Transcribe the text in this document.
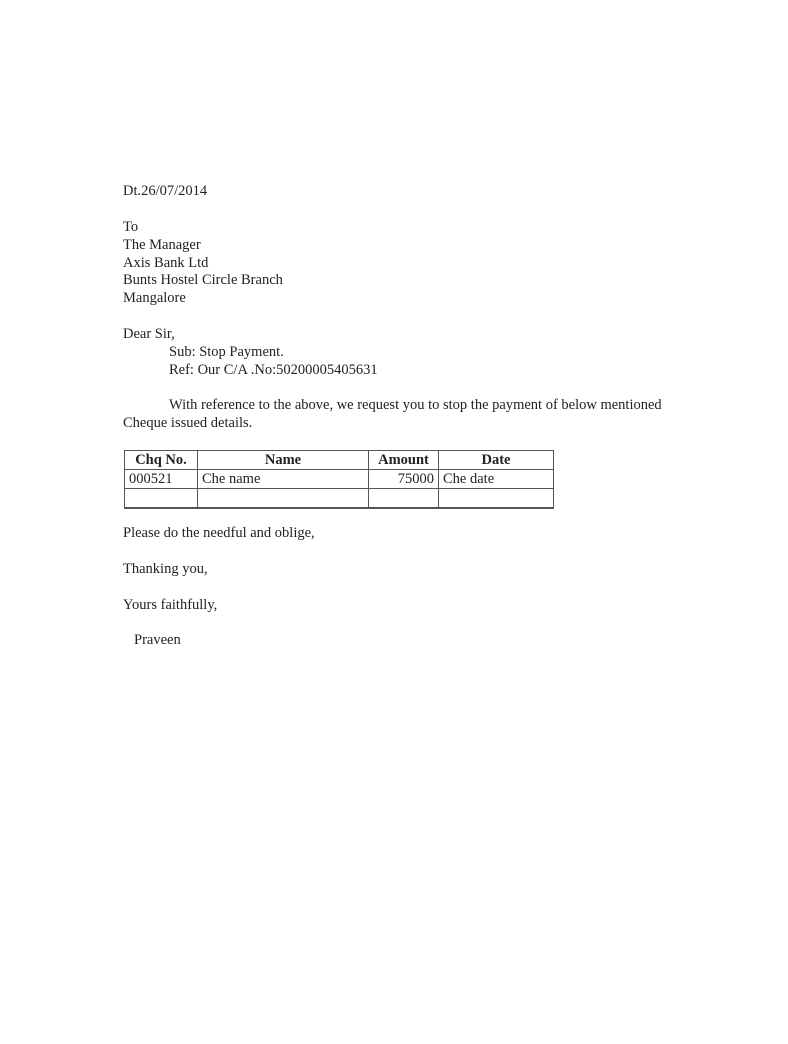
Dt.26/07/2014
To
The Manager
Axis Bank Ltd
Bunts Hostel Circle Branch
Mangalore
Dear Sir,
Sub: Stop Payment.
Ref: Our C/A .No:50200005405631
With reference to the above, we request you to stop the payment of below mentioned
Cheque issued details.
Chq No.	Name	Amount	Date
000521	Che name	75000	Che date

Please do the needful and oblige,
Thanking you,
Yours faithfully,
Praveen
